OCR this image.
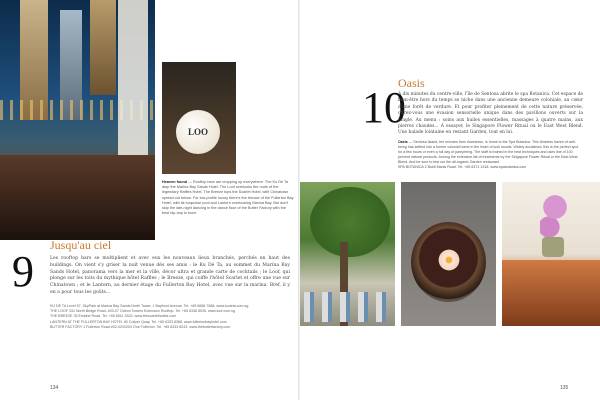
LOO
Heaven found — Rooftop bars are cropping up everywhere. The Ku Dé Ta atop the Marina Bay Sands Hotel. The Loof overlooks the roofs of the legendary Raffles Hotel. The Breeze tops the Scarlet Hotel, with Chinatown spread out below. For low-profile luxury there's the terrace of the Fullerton Bay Hotel, with its turquoise pool and Lantern overlooking Marina Bay. But don't skip the late-night dancing in the dance floor of the Butter Factory with the best hip-hop in town.
9
Jusqu'au ciel
Les rooftop bars se multiplient et avec eux les nouveaux lieux branchés, perchés en haut des buildings. On vient s'y griser la nuit venue dès ses amis : le Ku Dé Ta, au sommet du Marina Bay Sands Hotel, panorama vers la mer et la ville, décor ultra et grande carte de cocktails ; le Loof, qui plonge sur les toits du mythique hôtel Raffles ; le Breeze, qui coiffe l'hôtel Scarlet et offre une vue sur Chinatown ; et le Lantern, au dernier étage du Fullerton Bay Hotel, avec vue sur la marina. Bref, il y en a pour tous les goûts...
KU DÉ TA Level 57, SkyPark at Marina Bay Sands North Tower, 1 Bayfront Avenue. Tel. +65 6688 7688. www.kudeta.com.sg
THE LOOF 331 North Bridge Road, #03-07 Odeon Towers Extension Rooftop. Tel. +65 6338 8035. www.loof.com.sg
THE BREEZE 33 Erskine Road. Tel. +65 6511 3333. www.thescarlethotels.com
LANTERN AT THE FULLERTON BAY HOTEL 80 Collyer Quay. Tel. +65 6333 8388. www.fullertonbayhotel.com
BUTTER FACTORY 1 Fullerton Road #02-02/03/04 One Fullerton. Tel. +65 6333 8243. www.thebutterfactory.com
134
10
Oasis
À dix minutes du centre-ville, l'île de Sentosa abrite le spa Botanica. Cet espace de bien-être hors du temps se niche dans une ancienne demeure coloniale, au cœur d'une forêt de verdure. Et pour profiter pleinement de cette nature préservée, offrez-vous une évasion sensorielle unique dans des pavillons ouverts sur la jungle. Au menu : soins aux huiles essentielles, massages à quatre mains, aux pierres chaudes... À essayer, le Singapore Flower Ritual ou le East West Blend. Une balade lointaine en restant Garden, tout en lui.
Oasis — Sentosa Island, ten minutes from downtown, is home to the Spa Botanica. This timeless haven of well-being has settled into a former colonial home in the heart of lush woods. Widely acclaimed, this is the perfect spot for a few hours or even a full day of pampering. The staff is trained in the best techniques and uses line of 100 percent natural products. Among the extensive list of treatments try the Singapore Flower Ritual or the East-West Blend. And be sure to test out the all-organic Garden restaurant.
SPA BOTANICA 2 Bukit Manis Road. Tel. +65 6371 1318. www.spabotanica.com
135
